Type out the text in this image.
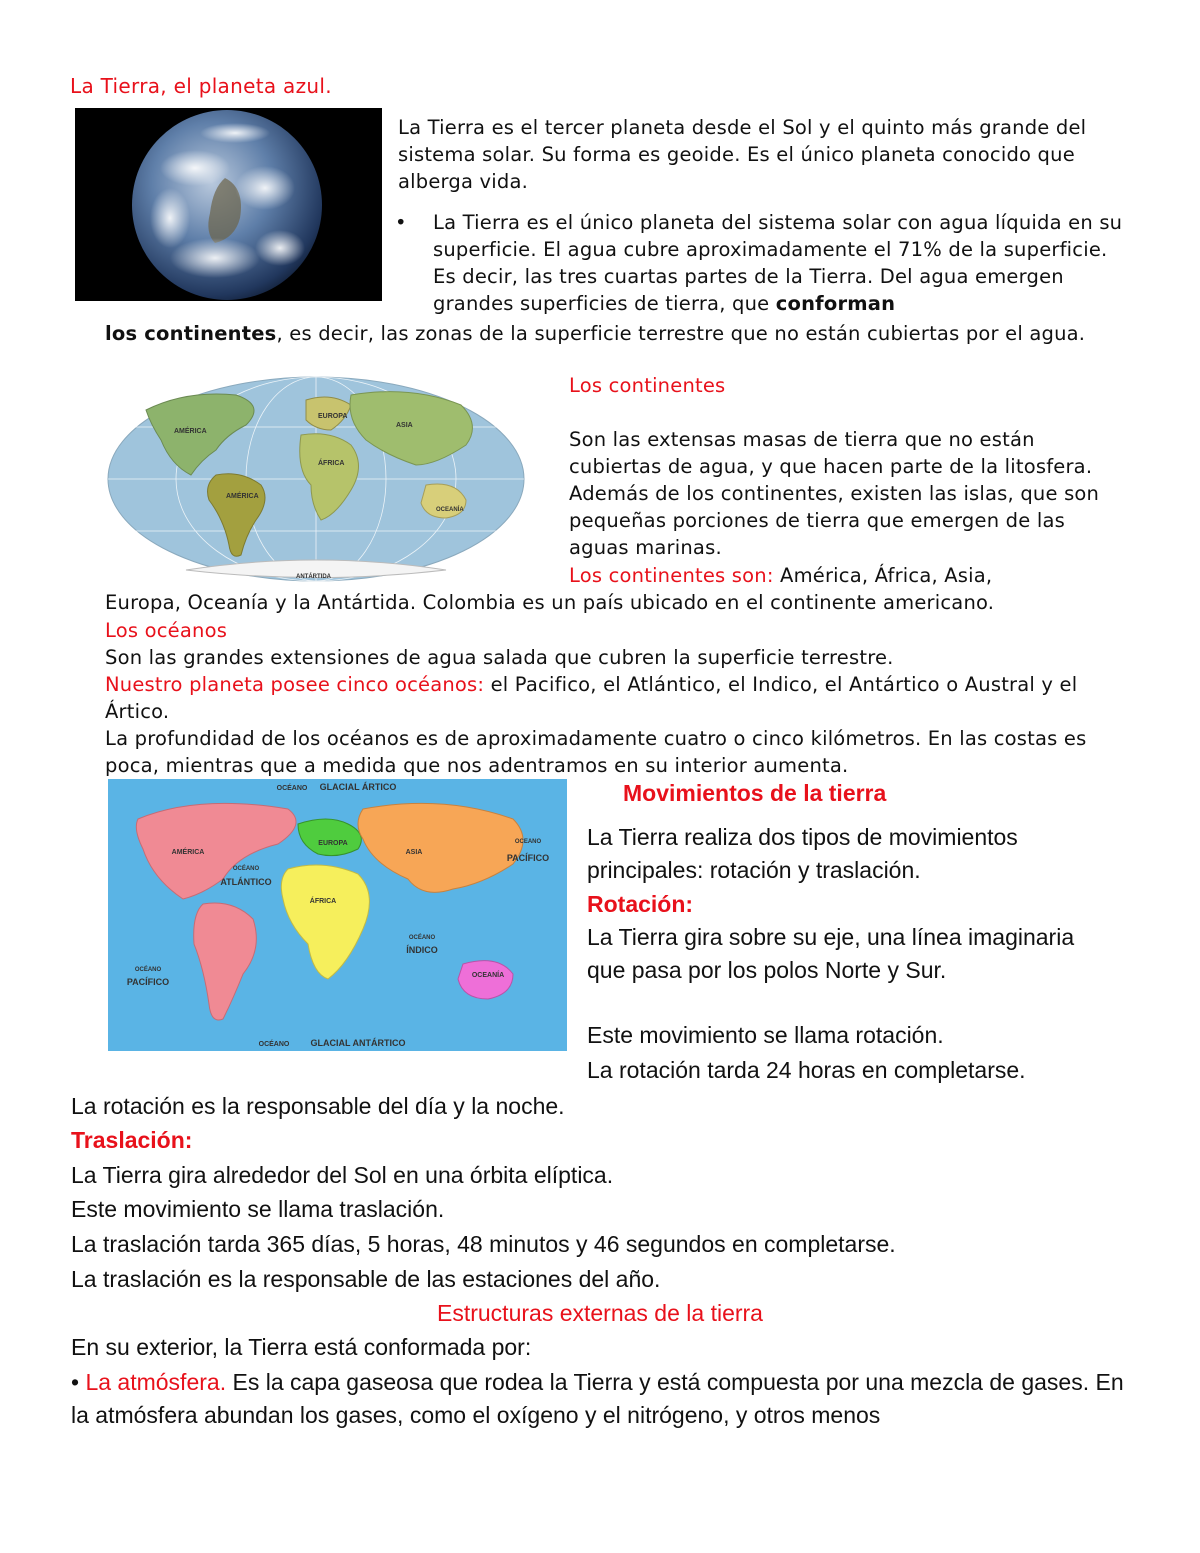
La Tierra, el planeta azul.

La Tierra es el tercer planeta desde el Sol y el quinto más grande del sistema solar. Su forma es geoide. Es el único planeta conocido que alberga vida.

• La Tierra es el único planeta del sistema solar con agua líquida en su superficie. El agua cubre aproximadamente el 71% de la superficie. Es decir, las tres cuartas partes de la Tierra. Del agua emergen grandes superficies de tierra, que conforman
los continentes, es decir, las zonas de la superficie terrestre que no están cubiertas por el agua.
AMÉRICA
AMÉRICA
EUROPA
ASIA
ÁFRICA
OCEANÍA
ANTÁRTIDA

Los continentes

Son las extensas masas de tierra que no están cubiertas de agua, y que hacen parte de la litosfera. Además de los continentes, existen las islas, que son pequeñas porciones de tierra que emergen de las aguas marinas.

Los continentes son: América, África, Asia,

Europa, Oceanía y la Antártida. Colombia es un país ubicado en el continente americano.

Los océanos

Son las grandes extensiones de agua salada que cubren la superficie terrestre.

Nuestro planeta posee cinco océanos: el Pacifico, el Atlántico, el Indico, el Antártico o Austral y el Ártico.

La profundidad de los océanos es de aproximadamente cuatro o cinco kilómetros. En las costas es poca, mientras que a medida que nos adentramos en su interior aumenta.

OCÉANO GLACIAL ÁRTICO
AMÉRICA
EUROPA
ASIA
ÁFRICA
OCEANÍA
OCÉANO
ATLÁNTICO
OCEANO
PACÍFICO
OCÉANO
PACÍFICO
OCÉANO
ÍNDICO
OCÉANO GLACIAL ANTÁRTICO

Movimientos de la tierra

La Tierra realiza dos tipos de movimientos principales: rotación y traslación.

Rotación:

La Tierra gira sobre su eje, una línea imaginaria que pasa por los polos Norte y Sur.

Este movimiento se llama rotación.

La rotación tarda 24 horas en completarse.

La rotación es la responsable del día y la noche.

Traslación:

La Tierra gira alrededor del Sol en una órbita elíptica.

Este movimiento se llama traslación.

La traslación tarda 365 días, 5 horas, 48 minutos y 46 segundos en completarse.

La traslación es la responsable de las estaciones del año.

Estructuras externas de la tierra

En su exterior, la Tierra está conformada por:

• La atmósfera. Es la capa gaseosa que rodea la Tierra y está compuesta por una mezcla de gases. En la atmósfera abundan los gases, como el oxígeno y el nitrógeno, y otros menos
